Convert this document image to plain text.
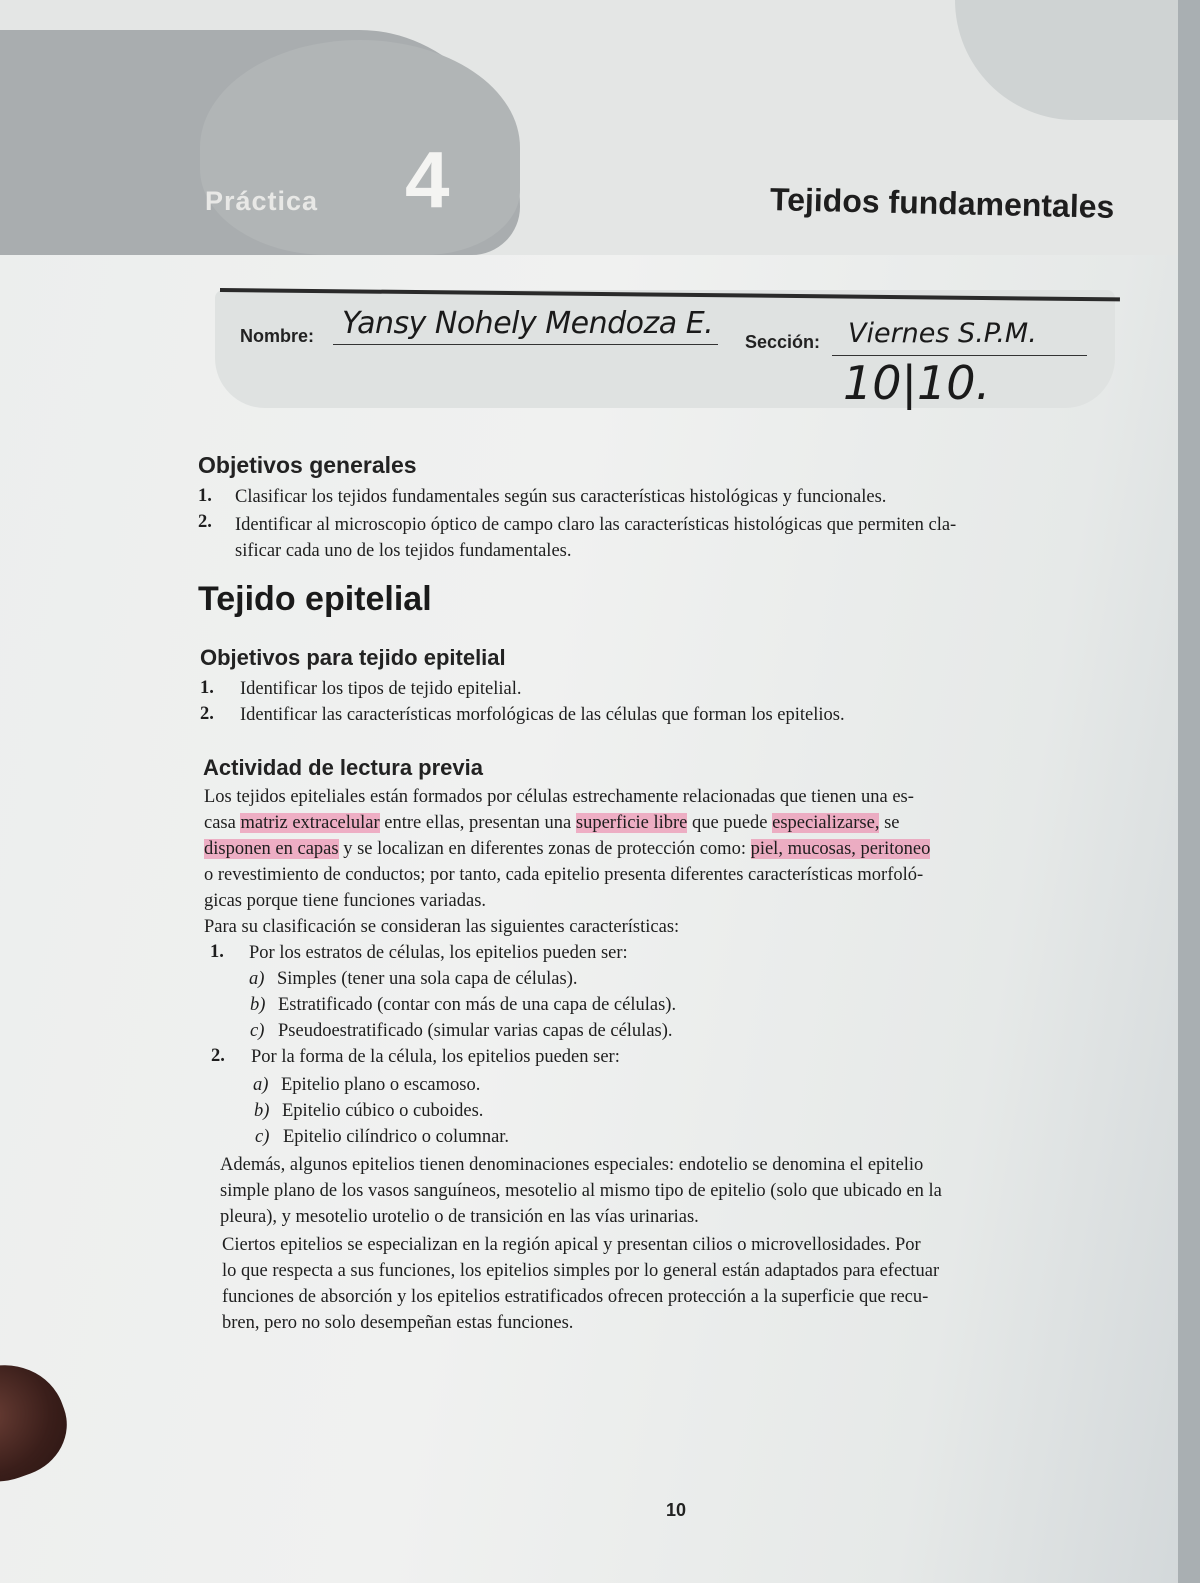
Práctica 4	Tejidos fundamentales
Nombre: Yansy Nohely Mendoza E.
Sección: Viernes S.P.M.
10|10.
Objetivos generales
1. Clasificar los tejidos fundamentales según sus características histológicas y funcionales.
2. Identificar al microscopio óptico de campo claro las características histológicas que permiten cla-
sificar cada uno de los tejidos fundamentales.
Tejido epitelial
Objetivos para tejido epitelial
1. Identificar los tipos de tejido epitelial.
2. Identificar las características morfológicas de las células que forman los epitelios.
Actividad de lectura previa
Los tejidos epiteliales están formados por células estrechamente relacionadas que tienen una es-
casa matriz extracelular entre ellas, presentan una superficie libre que puede especializarse, se
disponen en capas y se localizan en diferentes zonas de protección como: piel, mucosas, peritoneo
o revestimiento de conductos; por tanto, cada epitelio presenta diferentes características morfoló-
gicas porque tiene funciones variadas.
Para su clasificación se consideran las siguientes características:
1. Por los estratos de células, los epitelios pueden ser:
a) Simples (tener una sola capa de células).
b) Estratificado (contar con más de una capa de células).
c) Pseudoestratificado (simular varias capas de células).
2. Por la forma de la célula, los epitelios pueden ser:
a) Epitelio plano o escamoso.
b) Epitelio cúbico o cuboides.
c) Epitelio cilíndrico o columnar.
Además, algunos epitelios tienen denominaciones especiales: endotelio se denomina el epitelio
simple plano de los vasos sanguíneos, mesotelio al mismo tipo de epitelio (solo que ubicado en la
pleura), y mesotelio urotelio o de transición en las vías urinarias.
Ciertos epitelios se especializan en la región apical y presentan cilios o microvellosidades. Por
lo que respecta a sus funciones, los epitelios simples por lo general están adaptados para efectuar
funciones de absorción y los epitelios estratificados ofrecen protección a la superficie que recu-
bren, pero no solo desempeñan estas funciones.
10
